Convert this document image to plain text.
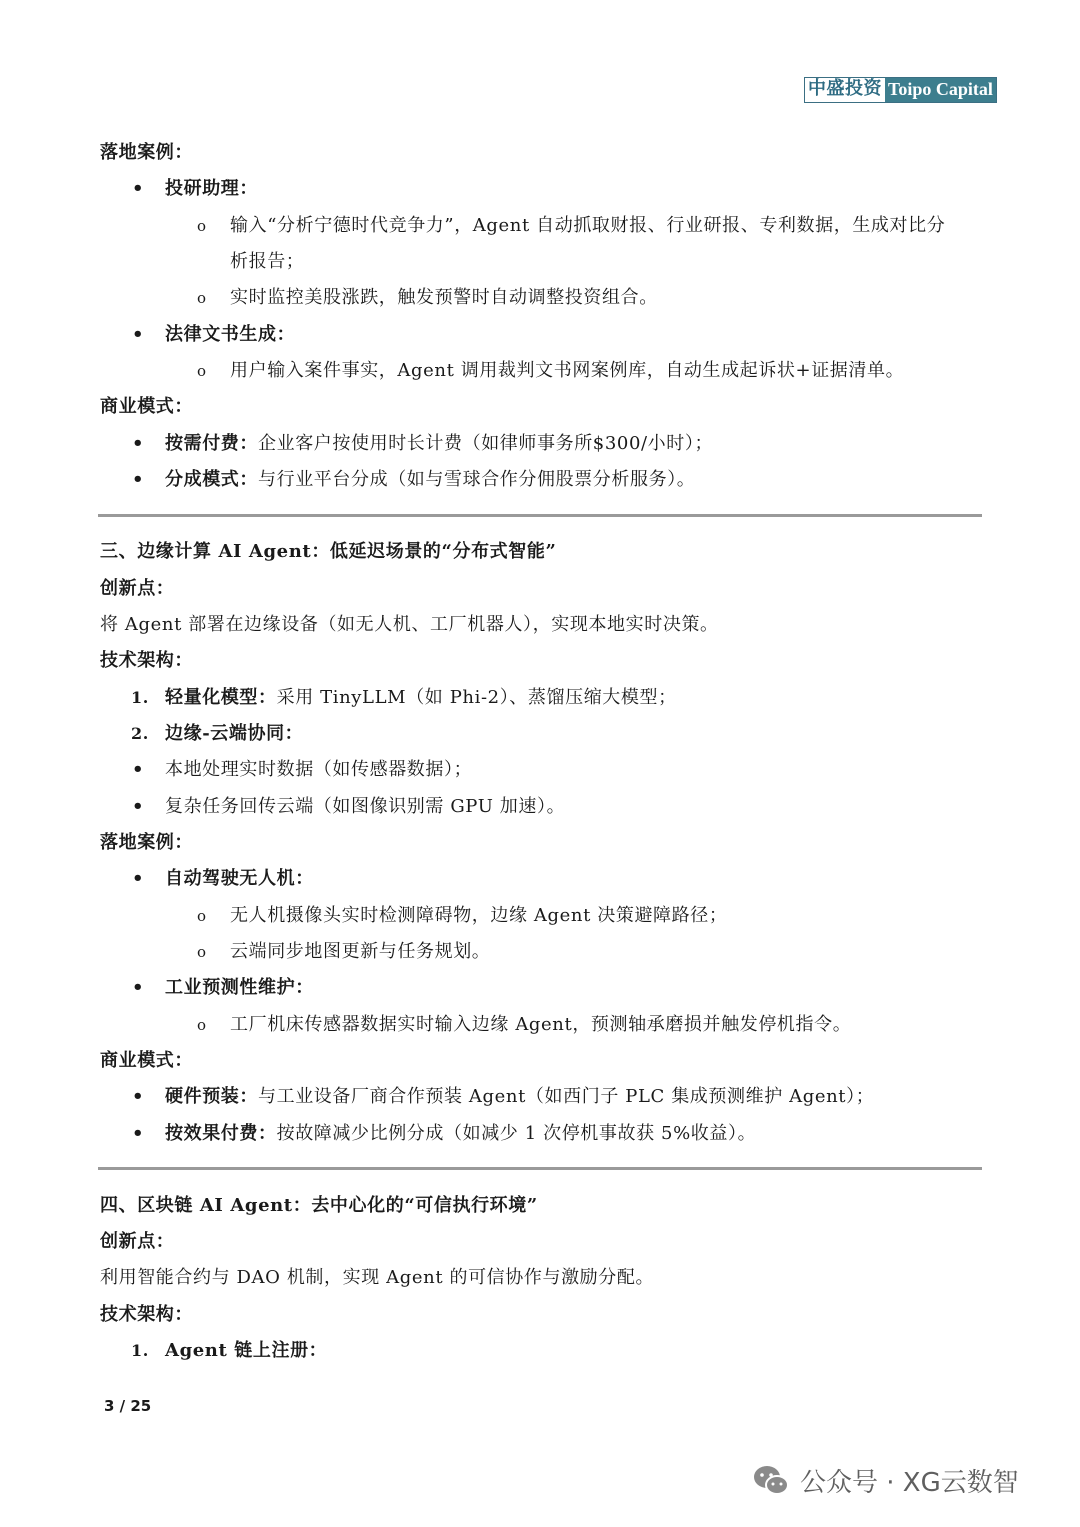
中盛投资 Toipo Capital
落地案例：
• 投研助理：
o 输入“分析宁德时代竞争力”，Agent 自动抓取财报、行业研报、专利数据，生成对比分
析报告；
o 实时监控美股涨跌，触发预警时自动调整投资组合。
• 法律文书生成：
o 用户输入案件事实，Agent 调用裁判文书网案例库，自动生成起诉状+证据清单。
商业模式：
• 按需付费：企业客户按使用时长计费（如律师事务所$300/小时）；
• 分成模式：与行业平台分成（如与雪球合作分佣股票分析服务）。
三、边缘计算 AI Agent：低延迟场景的“分布式智能”
创新点：
将 Agent 部署在边缘设备（如无人机、工厂机器人），实现本地实时决策。
技术架构：
1. 轻量化模型：采用 TinyLLM（如 Phi-2）、蒸馏压缩大模型；
2. 边缘-云端协同：
• 本地处理实时数据（如传感器数据）；
• 复杂任务回传云端（如图像识别需 GPU 加速）。
落地案例：
• 自动驾驶无人机：
o 无人机摄像头实时检测障碍物，边缘 Agent 决策避障路径；
o 云端同步地图更新与任务规划。
• 工业预测性维护：
o 工厂机床传感器数据实时输入边缘 Agent，预测轴承磨损并触发停机指令。
商业模式：
• 硬件预装：与工业设备厂商合作预装 Agent（如西门子 PLC 集成预测维护 Agent）；
• 按效果付费：按故障减少比例分成（如减少 1 次停机事故获 5%收益）。
四、区块链 AI Agent：去中心化的“可信执行环境”
创新点：
利用智能合约与 DAO 机制，实现 Agent 的可信协作与激励分配。
技术架构：
1. Agent 链上注册：
3 / 25
公众号 · XG云数智
